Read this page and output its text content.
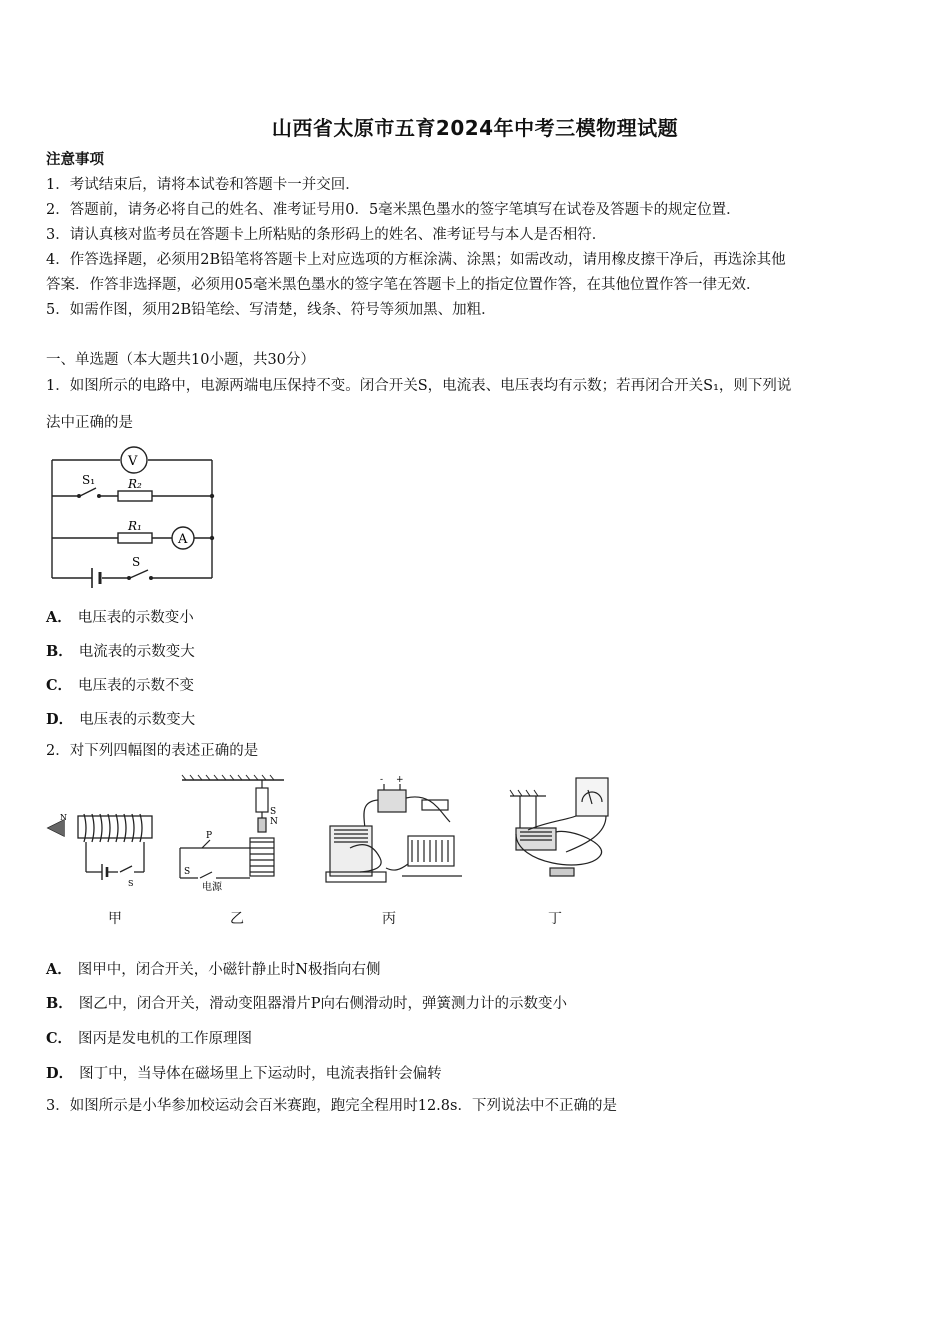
山西省太原市五育2024年中考三模物理试题
注意事项
1．考试结束后，请将本试卷和答题卡一并交回．
2．答题前，请务必将自己的姓名、准考证号用0．5毫米黑色墨水的签字笔填写在试卷及答题卡的规定位置．
3．请认真核对监考员在答题卡上所粘贴的条形码上的姓名、准考证号与本人是否相符．
4．作答选择题，必须用2B铅笔将答题卡上对应选项的方框涂满、涂黑；如需改动，请用橡皮擦干净后，再选涂其他
答案．作答非选择题，必须用05毫米黑色墨水的签字笔在答题卡上的指定位置作答，在其他位置作答一律无效．
5．如需作图，须用2B铅笔绘、写清楚，线条、符号等须加黑、加粗．
一、单选题（本大题共10小题，共30分）
1．如图所示的电路中，电源两端电压保持不变。闭合开关S，电流表、电压表均有示数；若再闭合开关S₁，则下列说
法中正确的是
V
A
S₁	R₂
R₁
S
A． 电压表的示数变小
B． 电流表的示数变大
C． 电压表的示数不变
D． 电压表的示数变大
2．对下列四幅图的表述正确的是
N
S
S
N
P
S
电源
- +
甲	乙	丙	丁
A． 图甲中，闭合开关，小磁针静止时N极指向右侧
B． 图乙中，闭合开关，滑动变阻器滑片P向右侧滑动时，弹簧测力计的示数变小
C． 图丙是发电机的工作原理图
D． 图丁中，当导体在磁场里上下运动时，电流表指针会偏转
3．如图所示是小华参加校运动会百米赛跑，跑完全程用时12.8s．下列说法中不正确的是
